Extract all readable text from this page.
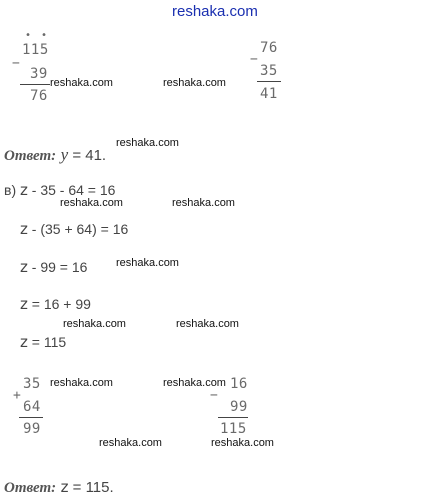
reshaka.com
• •
115
−
39
76
76
−
35
41
Ответ: y = 41.
в) z - 35 - 64 = 16
z - (35 + 64) = 16
z - 99 = 16
z = 16 + 99
z = 115
35
+
64
99
16
−
99
115
Ответ: z = 115.
reshaka.com	reshaka.com
reshaka.com
reshaka.com	reshaka.com
reshaka.com
reshaka.com	reshaka.com
reshaka.com	reshaka.com
reshaka.com	reshaka.com
